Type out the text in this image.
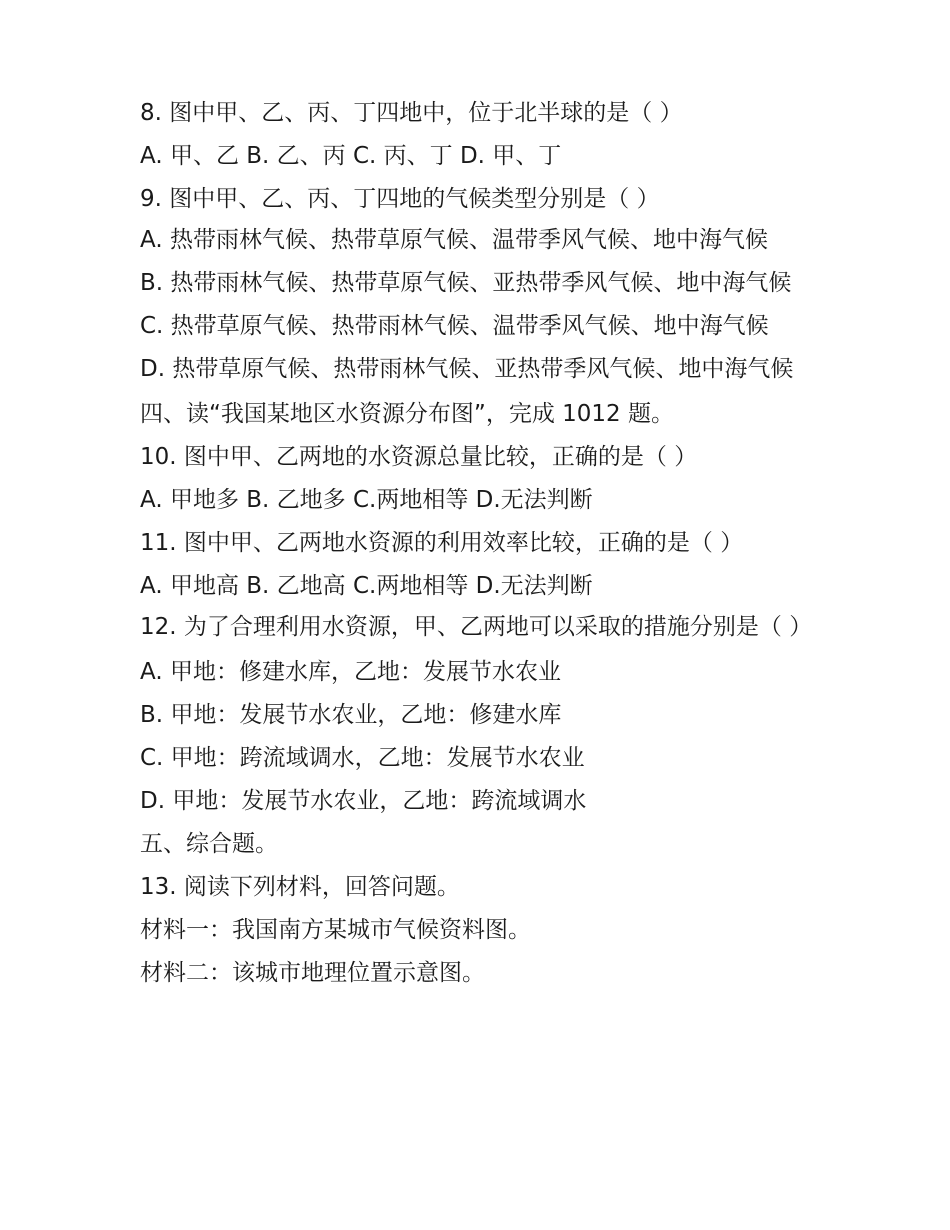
8. 图中甲、乙、丙、丁四地中，位于北半球的是（ ）

A. 甲、乙 B. 乙、丙 C. 丙、丁 D. 甲、丁

9. 图中甲、乙、丙、丁四地的气候类型分别是（ ）

A. 热带雨林气候、热带草原气候、温带季风气候、地中海气候

B. 热带雨林气候、热带草原气候、亚热带季风气候、地中海气候

C. 热带草原气候、热带雨林气候、温带季风气候、地中海气候

D. 热带草原气候、热带雨林气候、亚热带季风气候、地中海气候

四、读“我国某地区水资源分布图”，完成 1012 题。

10. 图中甲、乙两地的水资源总量比较，正确的是（ ）

A. 甲地多 B. 乙地多 C.两地相等 D.无法判断

11. 图中甲、乙两地水资源的利用效率比较，正确的是（ ）

A. 甲地高 B. 乙地高 C.两地相等 D.无法判断

12. 为了合理利用水资源，甲、乙两地可以采取的措施分别是（ ）

A. 甲地：修建水库，乙地：发展节水农业

B. 甲地：发展节水农业，乙地：修建水库

C. 甲地：跨流域调水，乙地：发展节水农业

D. 甲地：发展节水农业，乙地：跨流域调水

五、综合题。

13. 阅读下列材料，回答问题。

材料一：我国南方某城市气候资料图。

材料二：该城市地理位置示意图。
